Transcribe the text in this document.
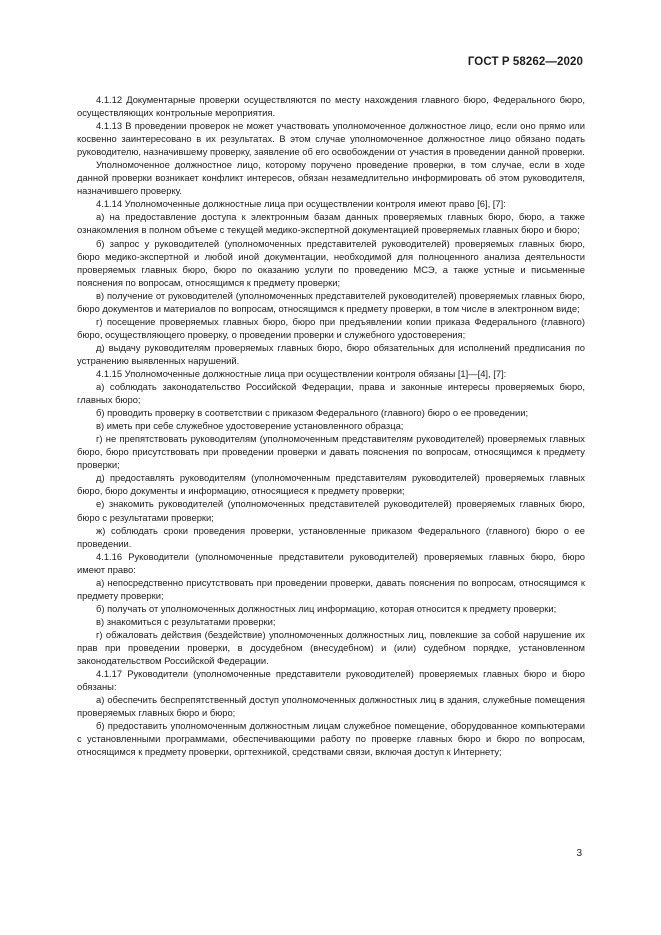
ГОСТ Р 58262—2020

4.1.12 Документарные проверки осуществляются по месту нахождения главного бюро, Федерального бюро, осуществляющих контрольные мероприятия.

4.1.13 В проведении проверок не может участвовать уполномоченное должностное лицо, если оно прямо или косвенно заинтересовано в их результатах. В этом случае уполномоченное должностное лицо обязано подать руководителю, назначившему проверку, заявление об его освобождении от участия в проведении данной проверки.

Уполномоченное должностное лицо, которому поручено проведение проверки, в том случае, если в ходе данной проверки возникает конфликт интересов, обязан незамедлительно информировать об этом руководителя, назначившего проверку.

4.1.14 Уполномоченные должностные лица при осуществлении контроля имеют право [6], [7]:

а) на предоставление доступа к электронным базам данных проверяемых главных бюро, бюро, а также ознакомления в полном объеме с текущей медико-экспертной документацией проверяемых главных бюро и бюро;

б) запрос у руководителей (уполномоченных представителей руководителей) проверяемых главных бюро, бюро медико-экспертной и любой иной документации, необходимой для полноценного анализа деятельности проверяемых главных бюро, бюро по оказанию услуги по проведению МСЭ, а также устные и письменные пояснения по вопросам, относящимся к предмету проверки;

в) получение от руководителей (уполномоченных представителей руководителей) проверяемых главных бюро, бюро документов и материалов по вопросам, относящимся к предмету проверки, в том числе в электронном виде;

г) посещение проверяемых главных бюро, бюро при предъявлении копии приказа Федерального (главного) бюро, осуществляющего проверку, о проведении проверки и служебного удостоверения;

д) выдачу руководителям проверяемых главных бюро, бюро обязательных для исполнений предписания по устранению выявленных нарушений.

4.1.15 Уполномоченные должностные лица при осуществлении контроля обязаны [1]—[4], [7]:

а) соблюдать законодательство Российской Федерации, права и законные интересы проверяемых бюро, главных бюро;

б) проводить проверку в соответствии с приказом Федерального (главного) бюро о ее проведении;

в) иметь при себе служебное удостоверение установленного образца;

г) не препятствовать руководителям (уполномоченным представителям руководителей) проверяемых главных бюро, бюро присутствовать при проведении проверки и давать пояснения по вопросам, относящимся к предмету проверки;

д) предоставлять руководителям (уполномоченным представителям руководителей) проверяемых главных бюро, бюро документы и информацию, относящиеся к предмету проверки;

е) знакомить руководителей (уполномоченных представителей руководителей) проверяемых главных бюро, бюро с результатами проверки;

ж) соблюдать сроки проведения проверки, установленные приказом Федерального (главного) бюро о ее проведении.

4.1.16 Руководители (уполномоченные представители руководителей) проверяемых главных бюро, бюро имеют право:

а) непосредственно присутствовать при проведении проверки, давать пояснения по вопросам, относящимся к предмету проверки;

б) получать от уполномоченных должностных лиц информацию, которая относится к предмету проверки;

в) знакомиться с результатами проверки;

г) обжаловать действия (бездействие) уполномоченных должностных лиц, повлекшие за собой нарушение их прав при проведении проверки, в досудебном (внесудебном) и (или) судебном порядке, установленном законодательством Российской Федерации.

4.1.17 Руководители (уполномоченные представители руководителей) проверяемых главных бюро и бюро обязаны:

а) обеспечить беспрепятственный доступ уполномоченных должностных лиц в здания, служебные помещения проверяемых главных бюро и бюро;

б) предоставить уполномоченным должностным лицам служебное помещение, оборудованное компьютерами с установленными программами, обеспечивающими работу по проверке главных бюро и бюро по вопросам, относящимся к предмету проверки, оргтехникой, средствами связи, включая доступ к Интернету;

3
